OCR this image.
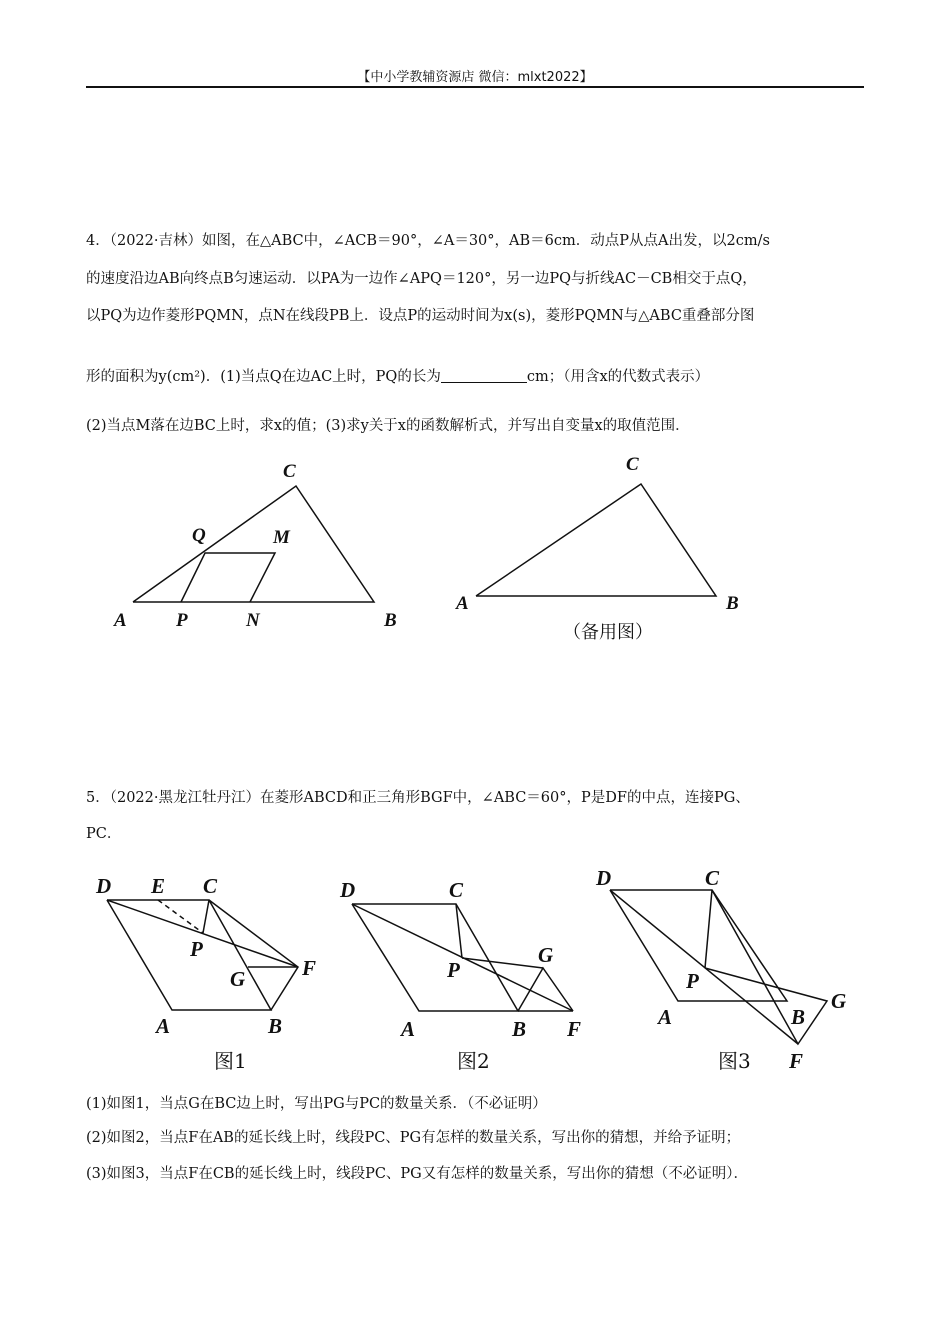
【中小学教辅资源店 微信：mlxt2022】
4．（2022·吉林）如图，在△ABC中，∠ACB＝90°，∠A＝30°，AB＝6cm．动点P从点A出发，以2cm/s
的速度沿边AB向终点B匀速运动．以PA为一边作∠APQ＝120°，另一边PQ与折线AC－CB相交于点Q，
以PQ为边作菱形PQMN，点N在线段PB上．设点P的运动时间为x(s)，菱形PQMN与△ABC重叠部分图
形的面积为y(cm²)．(1)当点Q在边AC上时，PQ的长为	cm；（用含x的代数式表示）
(2)当点M落在边BC上时，求x的值；(3)求y关于x的函数解析式，并写出自变量x的取值范围．
C
Q	M
A	P	N	B
C
A	B
（备用图）
D E C
P
G	F
A	B
图1
D	C
P
G
A	B F
图2
D	C
P
G
A	B
F
图3
5．（2022·黑龙江牡丹江）在菱形ABCD和正三角形BGF中，∠ABC＝60°，P是DF的中点，连接PG、
PC．
(1)如图1，当点G在BC边上时，写出PG与PC的数量关系．（不必证明）
(2)如图2，当点F在AB的延长线上时，线段PC、PG有怎样的数量关系，写出你的猜想，并给予证明；
(3)如图3，当点F在CB的延长线上时，线段PC、PG又有怎样的数量关系，写出你的猜想（不必证明）．
